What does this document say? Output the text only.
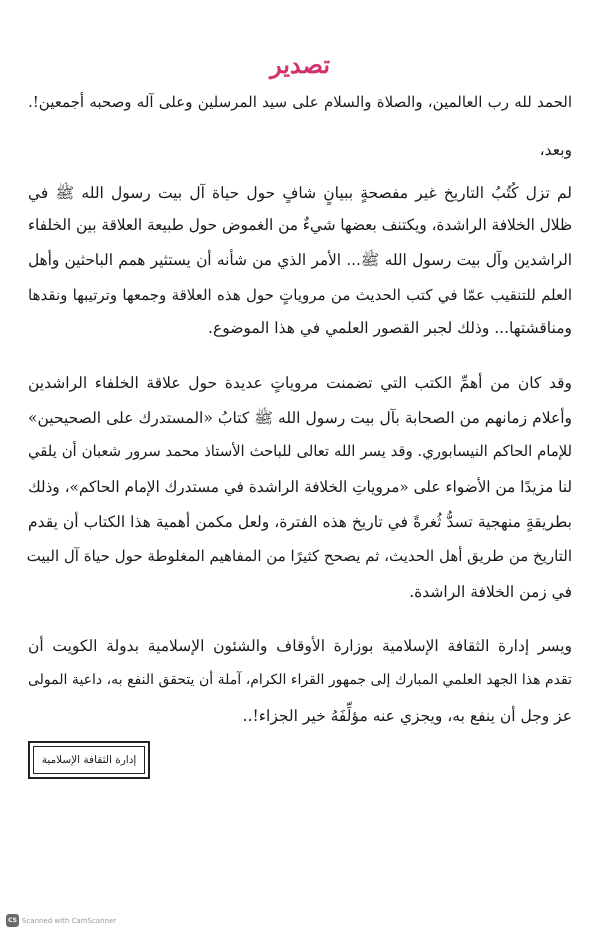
تصدير
الحمد لله رب العالمين، والصلاة والسلام على سيد المرسلين وعلى آله وصحبه أجمعين!.
وبعد،
لم تزل كُتُبُ التاريخ غير مفصحةٍ ببيانٍ شافٍ حول حياة آل بيت رسول الله ﷺ في
ظلال الخلافة الراشدة، ويكتنف بعضها شيءٌ من الغموض حول طبيعة العلاقة بين الخلفاء
الراشدين وآل بيت رسول الله ﷺ... الأمر الذي من شأنه أن يستثير همم الباحثين وأهل
العلم للتنقيب عمّا في كتب الحديث من مروياتٍ حول هذه العلاقة وجمعها وترتيبها ونقدها
ومناقشتها... وذلك لجبر القصور العلمي في هذا الموضوع.
وقد كان من أهمِّ الكتب التي تضمنت مروياتٍ عديدة حول علاقة الخلفاء الراشدين
وأعلام زمانهم من الصحابة بآل بيت رسول الله ﷺ كتابُ «المستدرك على الصحيحين»
للإمام الحاكم النيسابوري. وقد يسر الله تعالى للباحث الأستاذ محمد سرور شعبان أن يلقي
لنا مزيدًا من الأضواء على «مروياتِ الخلافة الراشدة في مستدرك الإمام الحاكم»، وذلك
بطريقةٍ منهجية تسدُّ ثُغرةً في تاريخ هذه الفترة، ولعل مكمن أهمية هذا الكتاب أن يقدم
التاريخ من طريق أهل الحديث، ثم يصحح كثيرًا من المفاهيم المغلوطة حول حياة آل البيت
في زمن الخلافة الراشدة.
ويسر إدارة الثقافة الإسلامية بوزارة الأوقاف والشئون الإسلامية بدولة الكويت أن
تقدم هذا الجهد العلمي المبارك إلى جمهور القراء الكرام، آملة أن يتحقق النفع به، داعية المولى
عز وجل أن ينفع به، ويجزي عنه مؤلِّفَهُ خير الجزاء!..
إدارة الثقافة الإسلامية
CS Scanned with CamScanner
